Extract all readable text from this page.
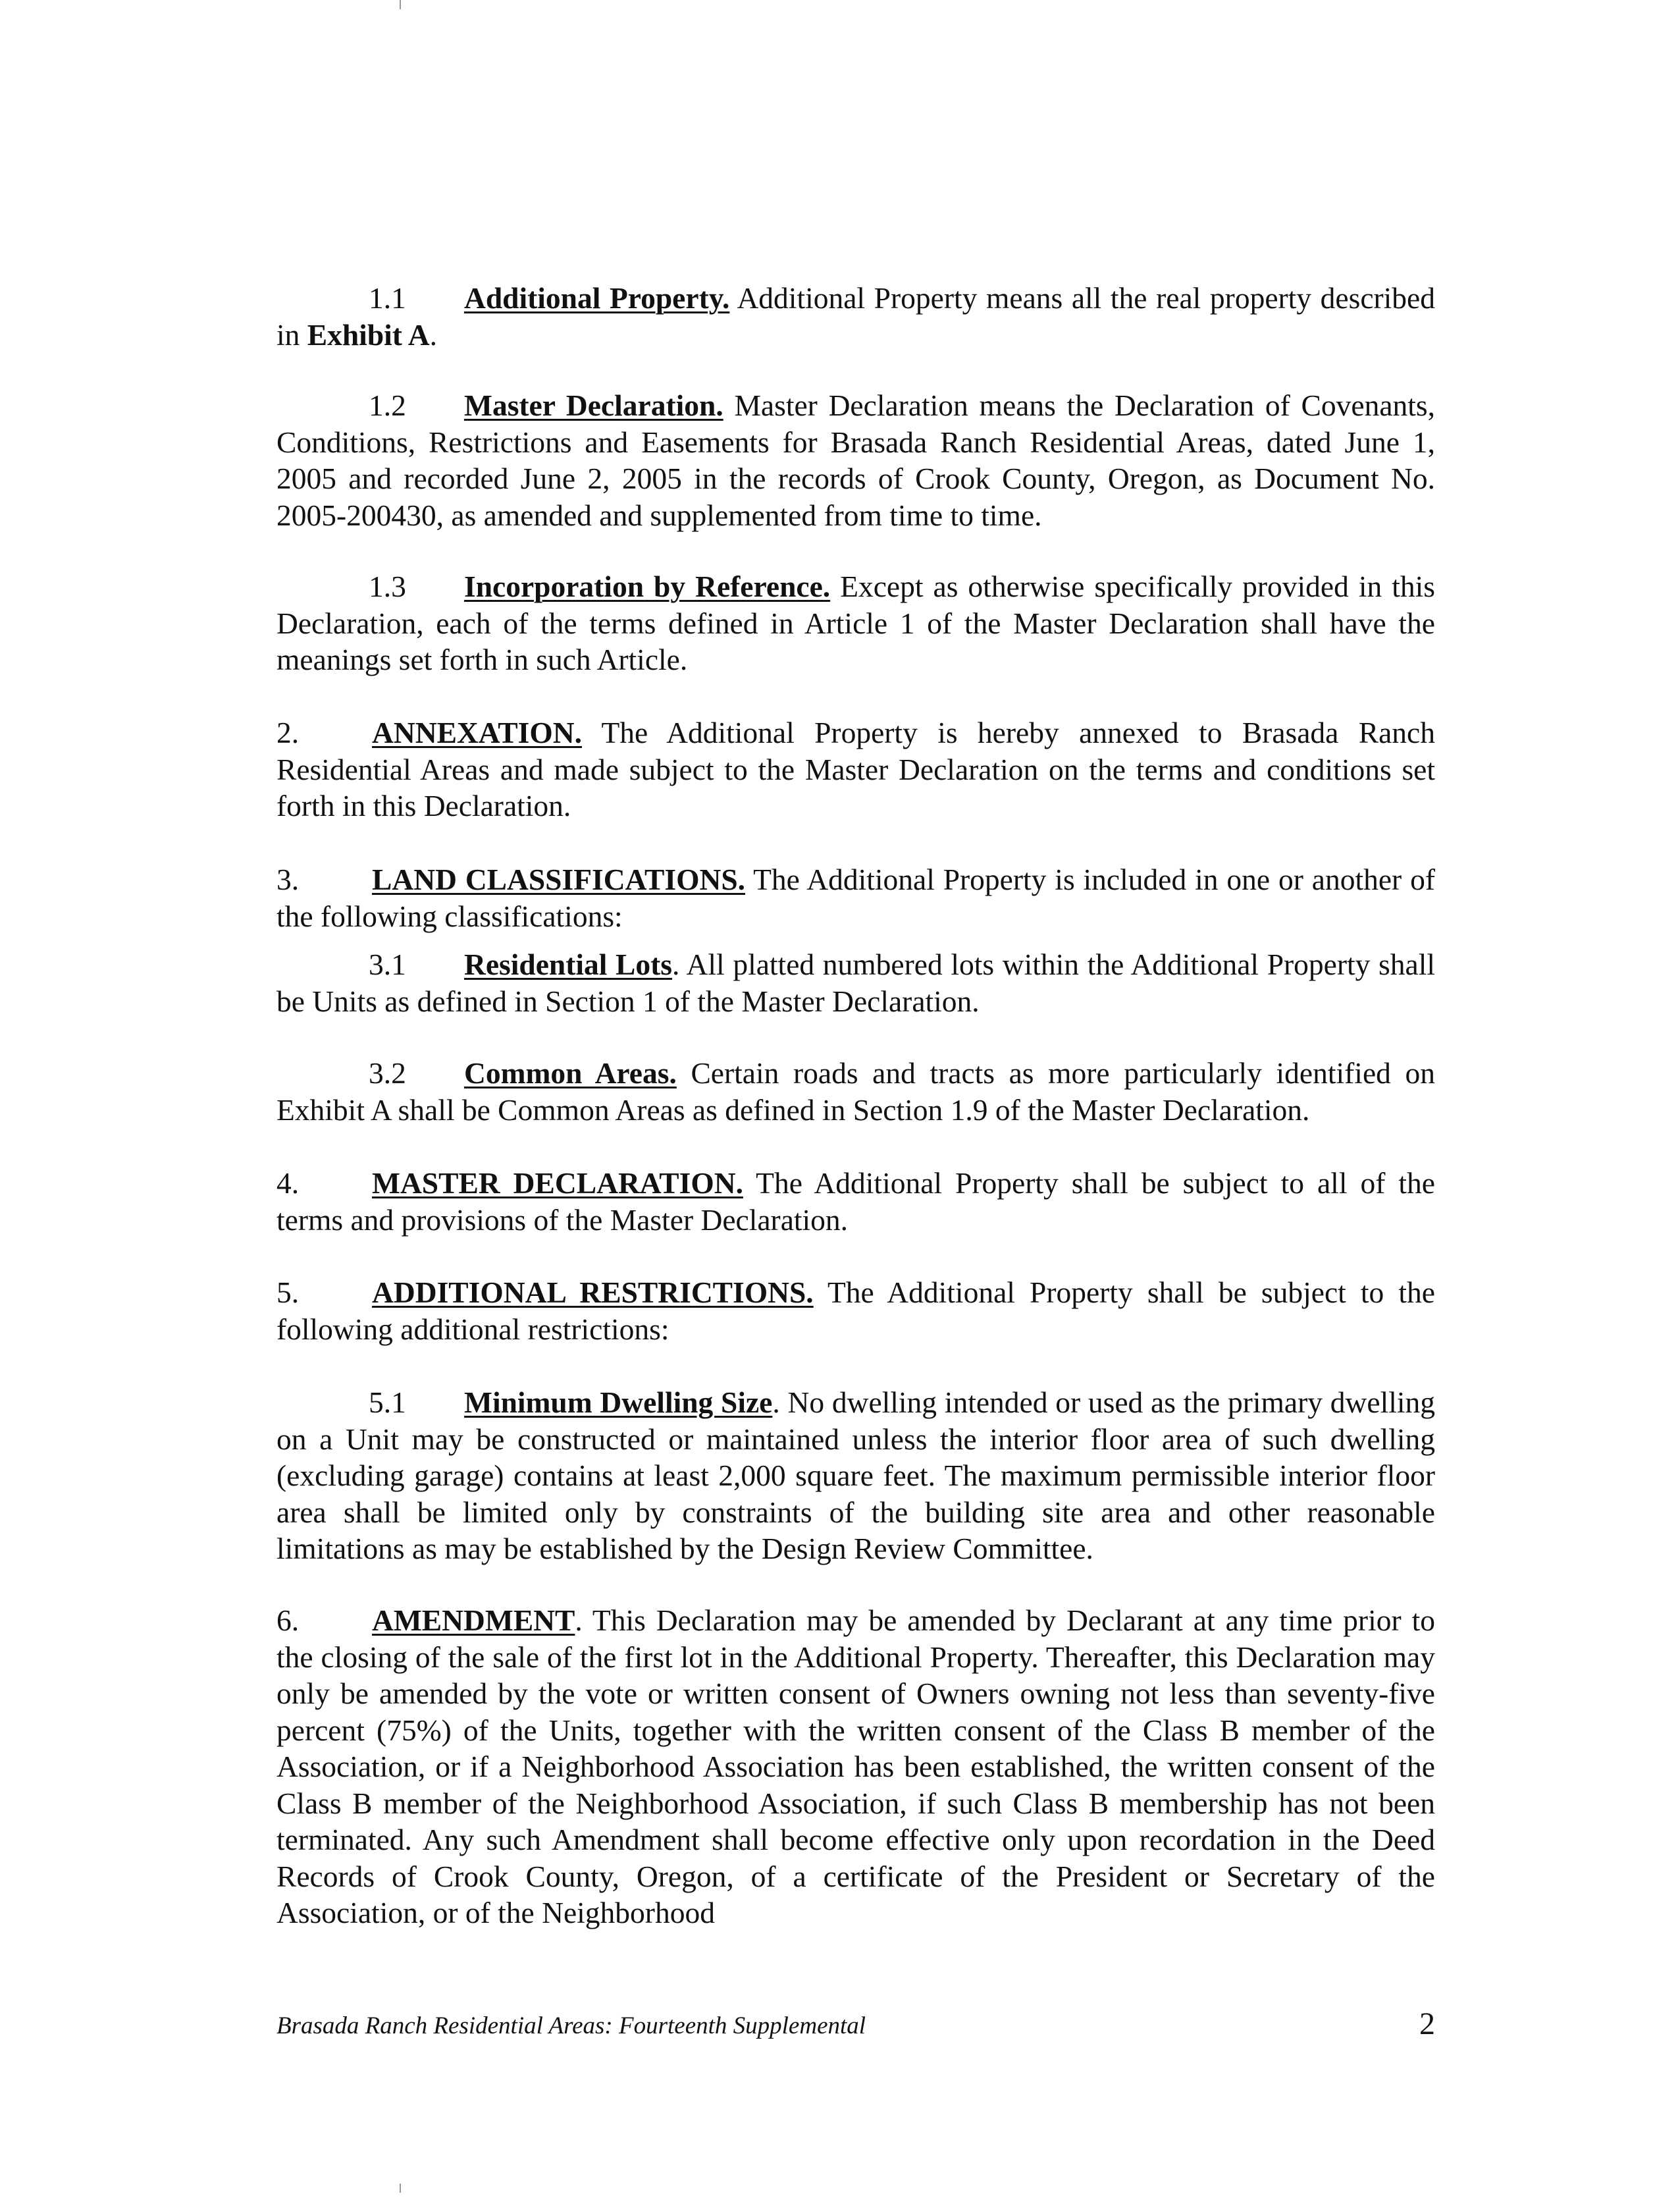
1.1 Additional Property. Additional Property means all the real property described in Exhibit A.

1.2 Master Declaration. Master Declaration means the Declaration of Covenants, Conditions, Restrictions and Easements for Brasada Ranch Residential Areas, dated June 1, 2005 and recorded June 2, 2005 in the records of Crook County, Oregon, as Document No. 2005-200430, as amended and supplemented from time to time.

1.3 Incorporation by Reference. Except as otherwise specifically provided in this Declaration, each of the terms defined in Article 1 of the Master Declaration shall have the meanings set forth in such Article.

2. ANNEXATION. The Additional Property is hereby annexed to Brasada Ranch Residential Areas and made subject to the Master Declaration on the terms and conditions set forth in this Declaration.

3. LAND CLASSIFICATIONS. The Additional Property is included in one or another of the following classifications:

3.1 Residential Lots. All platted numbered lots within the Additional Property shall be Units as defined in Section 1 of the Master Declaration.

3.2 Common Areas. Certain roads and tracts as more particularly identified on Exhibit A shall be Common Areas as defined in Section 1.9 of the Master Declaration.

4. MASTER DECLARATION. The Additional Property shall be subject to all of the terms and provisions of the Master Declaration.

5. ADDITIONAL RESTRICTIONS. The Additional Property shall be subject to the following additional restrictions:

5.1 Minimum Dwelling Size. No dwelling intended or used as the primary dwelling on a Unit may be constructed or maintained unless the interior floor area of such dwelling (excluding garage) contains at least 2,000 square feet. The maximum permissible interior floor area shall be limited only by constraints of the building site area and other reasonable limitations as may be established by the Design Review Committee.

6. AMENDMENT. This Declaration may be amended by Declarant at any time prior to the closing of the sale of the first lot in the Additional Property. Thereafter, this Declaration may only be amended by the vote or written consent of Owners owning not less than seventy-five percent (75%) of the Units, together with the written consent of the Class B member of the Association, or if a Neighborhood Association has been established, the written consent of the Class B member of the Neighborhood Association, if such Class B membership has not been terminated. Any such Amendment shall become effective only upon recordation in the Deed Records of Crook County, Oregon, of a certificate of the President or Secretary of the Association, or of the Neighborhood

Brasada Ranch Residential Areas: Fourteenth Supplemental	2
